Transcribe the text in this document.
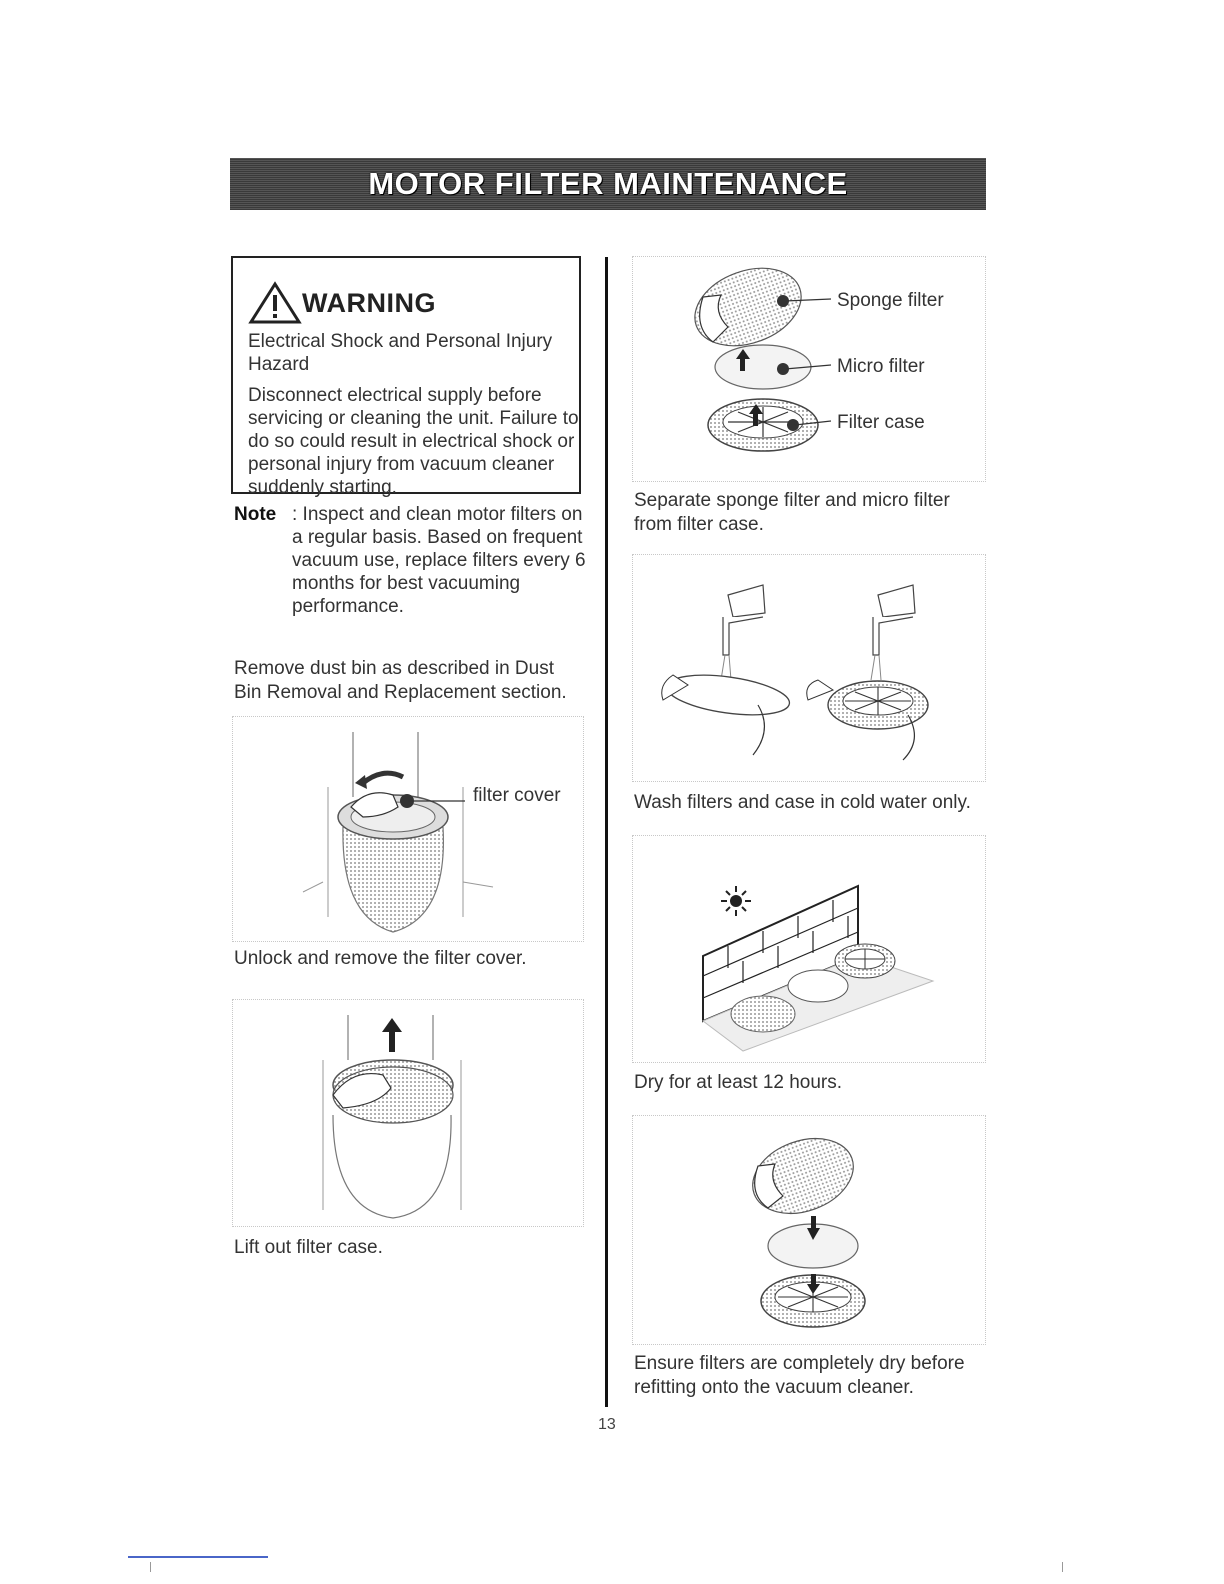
MOTOR FILTER MAINTENANCE
WARNING

Electrical Shock and Personal Injury Hazard

Disconnect electrical supply before servicing or cleaning the unit. Failure to do so could result in electrical shock or personal injury from vacuum cleaner suddenly starting.

Note : Inspect and clean motor filters on a regular basis. Based on frequent vacuum use, replace filters every 6 months for best vacuuming performance.
Remove dust bin as described in Dust Bin Removal and Replacement section.
filter cover
Unlock and remove the filter cover.
Lift out filter case.
Sponge filter
Micro filter
Filter case
Separate sponge filter and micro filter from filter case.
Wash filters and case in cold water only.
Dry for at least 12 hours.
Ensure filters are completely dry before refitting onto the vacuum cleaner.
13
